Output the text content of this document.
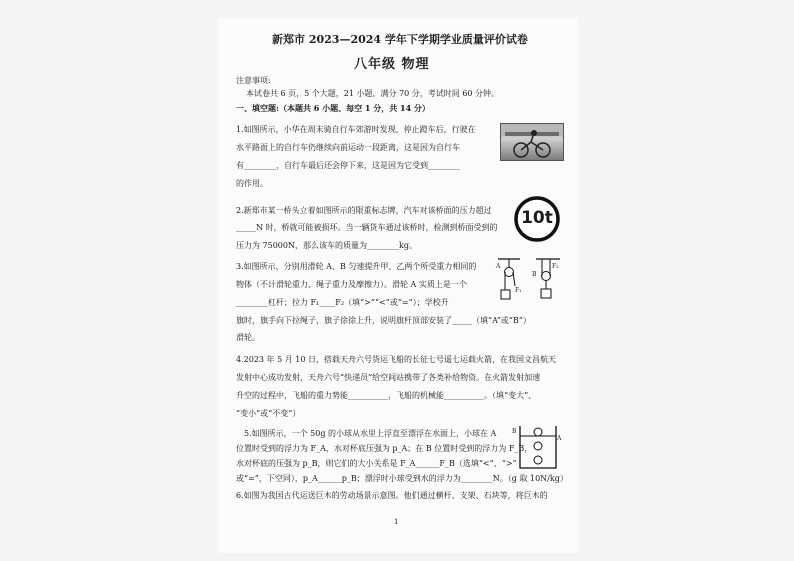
新郑市 2023—2024 学年下学期学业质量评价试卷
八年级 物理
注意事项:
本试卷共 6 页，5 个大题，21 小题，满分 70 分，考试时间 60 分钟。
一、填空题:（本题共 6 小题、每空 1 分，共 14 分）
1.如图所示，小华在周末骑自行车郊游时发现，停止蹬车后，行驶在
水平路面上的自行车仍继续向前运动一段距离，这是因为自行车
有________，自行车最后还会停下来，这是因为它受到________
的作用。
2.新郑市某一桥头立着如图所示的限重标志牌，汽车对该桥面的压力超过
_____N 时，桥就可能被损坏。当一辆货车通过该桥时，检测到桥面受到的
压力为 75000N，那么该车的质量为________kg。
10t
3.如图所示，分别用滑轮 A、B 匀速提升甲、乙两个所受重力相同的
物体（不计滑轮重力、绳子重力及摩擦力）。滑轮 A 实质上是一个
________杠杆；拉力 F₁____F₂（填“>”“<”或“=”）；学校升
旗时，旗手向下拉绳子，旗子徐徐上升，说明旗杆顶部安装了_____（填“A”或“B”）
滑轮。
A
B
F₁
F₂
4.2023 年 5 月 10 日，搭载天舟六号货运飞船的长征七号遥七运载火箭，在我国文昌航天
发射中心成功发射，天舟六号“快递员”给空间站携带了各类补给物资。在火箭发射加速
升空的过程中，飞船的重力势能__________，飞船的机械能__________。（填“变大”、
“变小”或“不变”）
5.如图所示，一个 50g 的小球从水里上浮直至漂浮在水面上，小球在 A
位置时受到的浮力为 F_A，水对杯底压强为 p_A；在 B 位置时受到的浮力为 F_B，
水对杯底的压强为 p_B，则它们的大小关系是 F_A______F_B（选填“<”、“>”
或“=”，下空同），p_A______p_B；漂浮时小球受到水的浮力为________N。（g 取 10N/kg）
B
A
6.如图为我国古代运送巨木的劳动场景示意图。他们通过横杆、支架、石块等，将巨木的
1
